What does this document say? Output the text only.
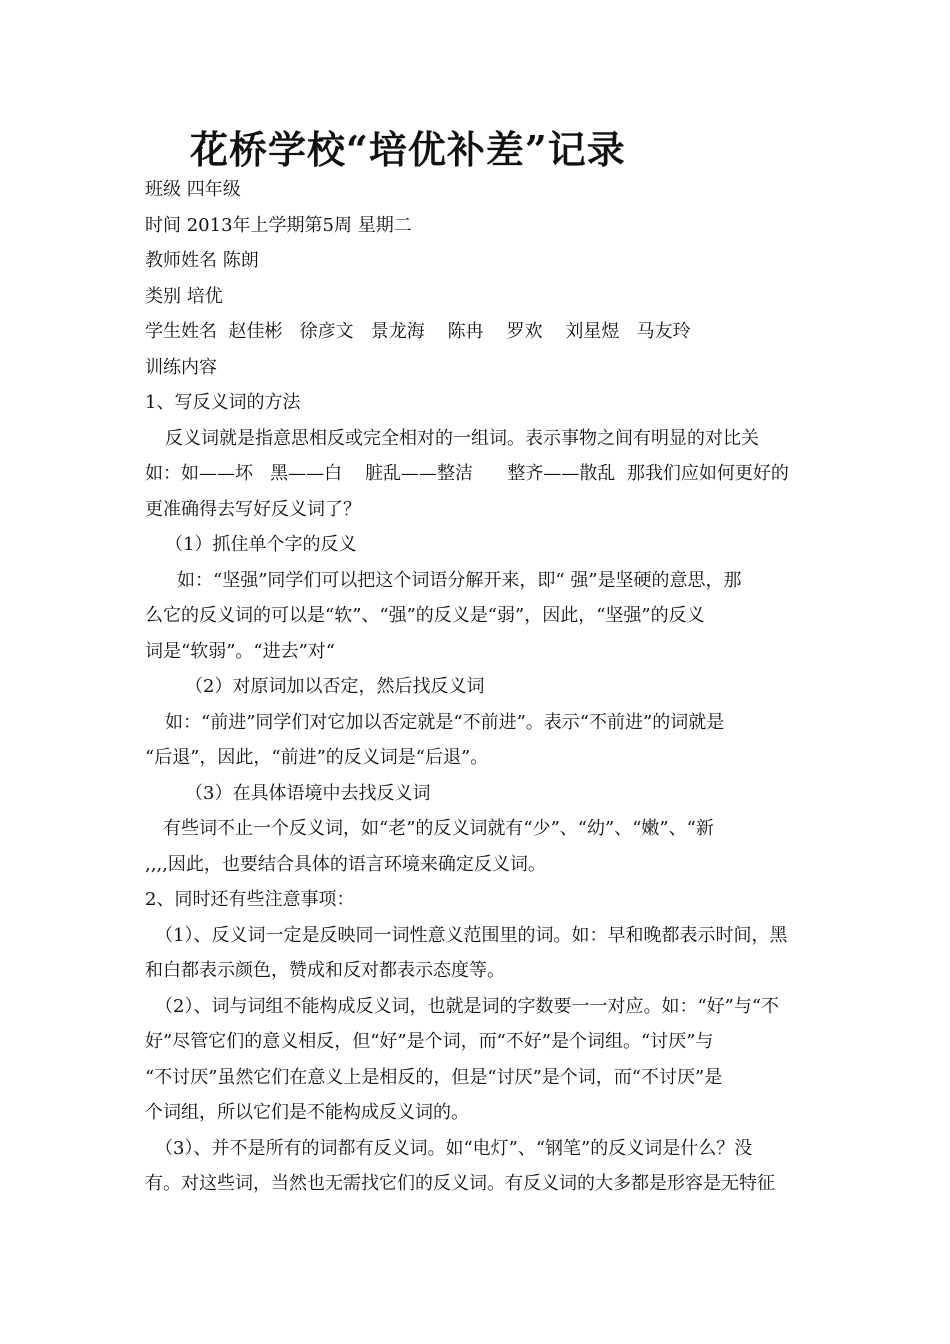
花桥学校“培优补差”记录
班级 四年级
时间 2013年上学期第5周 星期二
教师姓名 陈朗
类别 培优
学生姓名  赵佳彬   徐彦文   景龙海    陈冉    罗欢    刘星煜   马友玲
训练内容
1、写反义词的方法
反义词就是指意思相反或完全相对的一组词。表示事物之间有明显的对比关
如：如——坏   黑——白    脏乱——整洁      整齐——散乱  那我们应如何更好的
更准确得去写好反义词了？
（1）抓住单个字的反义
如：“坚强”同学们可以把这个词语分解开来，即“ 强”是坚硬的意思，那
么它的反义词的可以是“软”、“强”的反义是“弱”，因此，“坚强”的反义
词是“软弱”。“进去”对“
（2）对原词加以否定，然后找反义词
如：“前进”同学们对它加以否定就是“不前进”。表示“不前进”的词就是
“后退”，因此，“前进”的反义词是“后退”。
（3）在具体语境中去找反义词
有些词不止一个反义词，如“老”的反义词就有“少”、“幼”、“嫩”、“新
,,,,因此，也要结合具体的语言环境来确定反义词。
2、同时还有些注意事项：
（1）、反义词一定是反映同一词性意义范围里的词。如：早和晚都表示时间，黑
和白都表示颜色，赞成和反对都表示态度等。
（2）、词与词组不能构成反义词，也就是词的字数要一一对应。如：“好”与“不
好”尽管它们的意义相反，但“好”是个词，而“不好”是个词组。“讨厌”与
“不讨厌”虽然它们在意义上是相反的，但是“讨厌”是个词，而“不讨厌”是
个词组，所以它们是不能构成反义词的。
（3）、并不是所有的词都有反义词。如“电灯”、“钢笔”的反义词是什么？没
有。对这些词，当然也无需找它们的反义词。有反义词的大多都是形容是无特征
